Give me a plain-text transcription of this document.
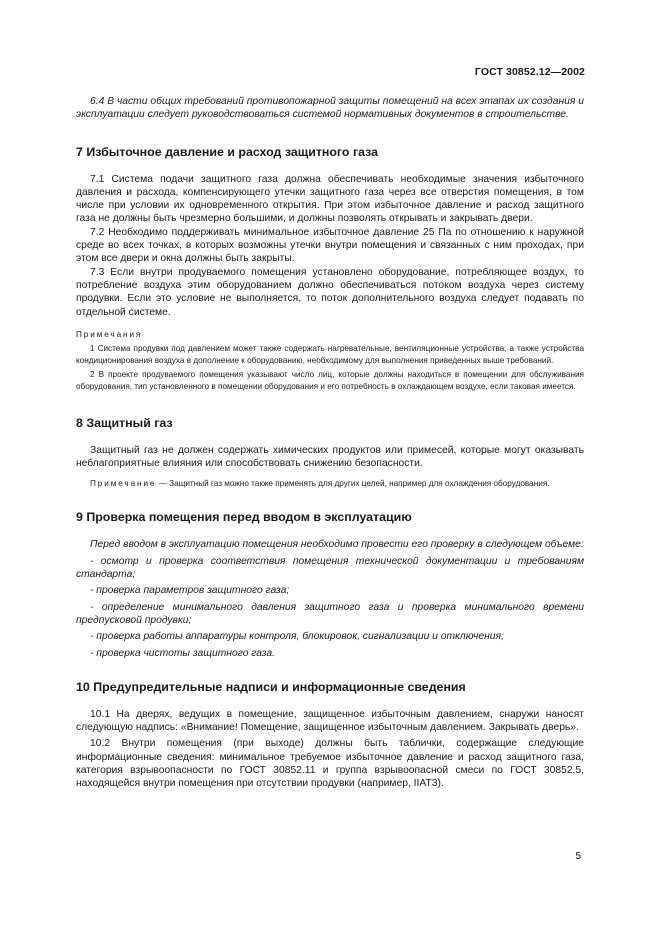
ГОСТ 30852.12—2002

6.4 В части общих требований противопожарной защиты помещений на всех этапах их создания и эксплуатации следует руководствоваться системой нормативных документов в строительстве.

7 Избыточное давление и расход защитного газа

7.1 Система подачи защитного газа должна обеспечивать необходимые значения избыточного давления и расхода, компенсирующего утечки защитного газа через все отверстия помещения, в том числе при условии их одновременного открытия. При этом избыточное давление и расход защитного газа не должны быть чрезмерно большими, и должны позволять открывать и закрывать двери.

7.2 Необходимо поддерживать минимальное избыточное давление 25 Па по отношению к наружной среде во всех точках, в которых возможны утечки внутри помещения и связанных с ним проходах, при этом все двери и окна должны быть закрыты.

7.3 Если внутри продуваемого помещения установлено оборудование, потребляющее воздух, то потребление воздуха этим оборудованием должно обеспечиваться потоком воздуха через систему продувки. Если это условие не выполняется, то поток дополнительного воздуха следует подавать по отдельной системе.

Примечания

1 Система продувки под давлением может также содержать нагревательные, вентиляционные устройства, а также устройства кондиционирования воздуха в дополнение к оборудованию, необходимому для выполнения приведенных выше требований.

2 В проекте продуваемого помещения указывают число лиц, которые должны находиться в помещении для обслуживания оборудования, тип установленного в помещении оборудования и его потребность в охлаждающем воздухе, если таковая имеется.

8 Защитный газ

Защитный газ не должен содержать химических продуктов или примесей, которые могут оказывать неблагоприятные влияния или способствовать снижению безопасности.

Примечание — Защитный газ можно также применять для других целей, например для охлаждения оборудования.

9 Проверка помещения перед вводом в эксплуатацию

Перед вводом в эксплуатацию помещения необходимо провести его проверку в следующем объеме:

- осмотр и проверка соответствия помещения технической документации и требованиям стандарта;

- проверка параметров защитного газа;

- определение минимального давления защитного газа и проверка минимального времени предпусковой продувки;

- проверка работы аппаратуры контроля, блокировок, сигнализации и отключения;

- проверка чистоты защитного газа.

10 Предупредительные надписи и информационные сведения

10.1 На дверях, ведущих в помещение, защищенное избыточным давлением, снаружи наносят следующую надпись: «Внимание! Помещение, защищенное избыточным давлением. Закрывать дверь».

10.2 Внутри помещения (при выходе) должны быть таблички, содержащие следующие информационные сведения: минимальное требуемое избыточное давление и расход защитного газа, категория взрывоопасности по ГОСТ 30852.11 и группа взрывоопасной смеси по ГОСТ 30852.5, находящейся внутри помещения при отсутствии продувки (например, IIАТ3).

5
